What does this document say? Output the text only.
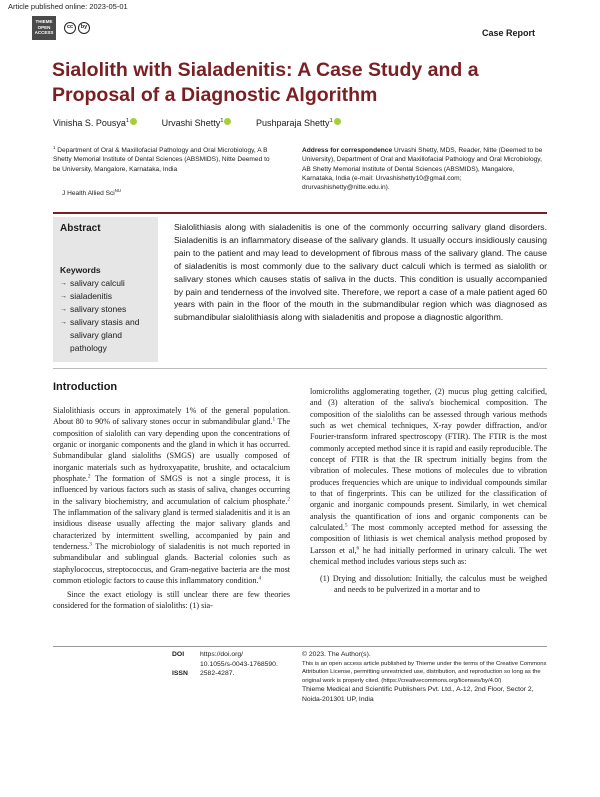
Article published online: 2023-05-01
THIEME
OPEN
ACCESS
cc	by
Case Report
Sialolith with Sialadenitis: A Case Study and a Proposal of a Diagnostic Algorithm
Vinisha S. Pousya$^1$	Urvashi Shetty$^1$	Pushparaja Shetty$^1$
$^1$ Department of Oral & Maxillofacial Pathology and Oral Microbiology, A B Shetty Memorial Institute of Dental Sciences (ABSMIDS), Nitte Deemed to be University, Mangalore, Karnataka, India
J Health Allied Sci$^{NU}$
Address for correspondence Urvashi Shetty, MDS, Reader, Nitte (Deemed to be University), Department of Oral and Maxillofacial Pathology and Oral Microbiology, AB Shetty Memorial Institute of Dental Sciences (ABSMIDS), Mangalore, Karnataka, India (e-mail: Urvashishetty10@gmail.com; drurvashishetty@nitte.edu.in).
Abstract
Keywords
→ salivary calculi
→ sialadenitis
→ salivary stones
→ salivary stasis and salivary gland pathology

Sialolithiasis along with sialadenitis is one of the commonly occurring salivary gland disorders. Sialadenitis is an inflammatory disease of the salivary glands. It usually occurs insidiously causing pain to the patient and may lead to development of fibrous mass of the salivary gland. The cause of sialadenitis is most commonly due to the salivary duct calculi which is termed as sialolith or salivary stones which causes statis of saliva in the ducts. This condition is usually accompanied by pain and tenderness of the involved site. Therefore, we report a case of a male patient aged 60 years with pain in the floor of the mouth in the submandibular region which was diagnosed as submandibular sialolithiasis along with sialadenitis and propose a diagnostic algorithm.

Introduction

Sialolithiasis occurs in approximately 1% of the general population. About 80 to 90% of salivary stones occur in submandibular gland.$^1$ The composition of sialolith can vary depending upon the concentrations of organic or inorganic components and the gland in which it has occurred. Submandibular gland sialoliths (SMGS) are usually composed of inorganic materials such as hydroxyapatite, brushite, and octacalcium phosphate.$^2$ The formation of SMGS is not a single process, it is influenced by various factors such as stasis of saliva, changes occurring in the salivary biochemistry, and accumulation of calcium phosphate.$^2$ The inflammation of the salivary gland is termed sialadenitis and it is an insidious disease usually affecting the major salivary glands and characterized by intermittent swelling, accompanied by pain and tenderness.$^3$ The microbiology of sialadenitis is not much reported in submandibular and sublingual glands. Bacterial colonies such as staphylococcus, streptococcus, and Gram-negative bacteria are the most common etiologic factors to cause this inflammatory condition.$^4$

Since the exact etiology is still unclear there are few theories considered for the formation of sialoliths: (1) sia-

lomicroliths agglomerating together, (2) mucus plug getting calcified, and (3) alteration of the saliva's biochemical composition. The composition of the sialoliths can be assessed through various methods such as wet chemical techniques, X-ray powder diffraction, and/or Fourier-transform infrared spectroscopy (FTIR). The FTIR is the most commonly accepted method since it is rapid and easily reproducible. The concept of FTIR is that the IR spectrum initially begins from the vibration of molecules. These motions of molecules due to vibration produces frequencies which are unique to individual compounds similar to that of fingerprints. This can be utilized for the classification of organic and inorganic compounds present. Similarly, in wet chemical analysis the quantification of ions and organic components can be calculated.$^5$ The most commonly accepted method for assessing the composition of lithiasis is wet chemical analysis method proposed by Larsson et al,$^6$ he had initially performed in urinary calculi. The wet chemical method includes various steps such as:

(1) Drying and dissolution: Initially, the calculus must be weighed and needs to be pulverized in a mortar and to

DOI https://doi.org/
10.1055/s-0043-1768590.
ISSN 2582-4287.
© 2023. The Author(s).
This is an open access article published by Thieme under the terms of the Creative Commons Attribution License, permitting unrestricted use, distribution, and reproduction so long as the original work is properly cited. (https://creativecommons.org/licenses/by/4.0/)
Thieme Medical and Scientific Publishers Pvt. Ltd., A-12, 2nd Floor, Sector 2, Noida-201301 UP, India
